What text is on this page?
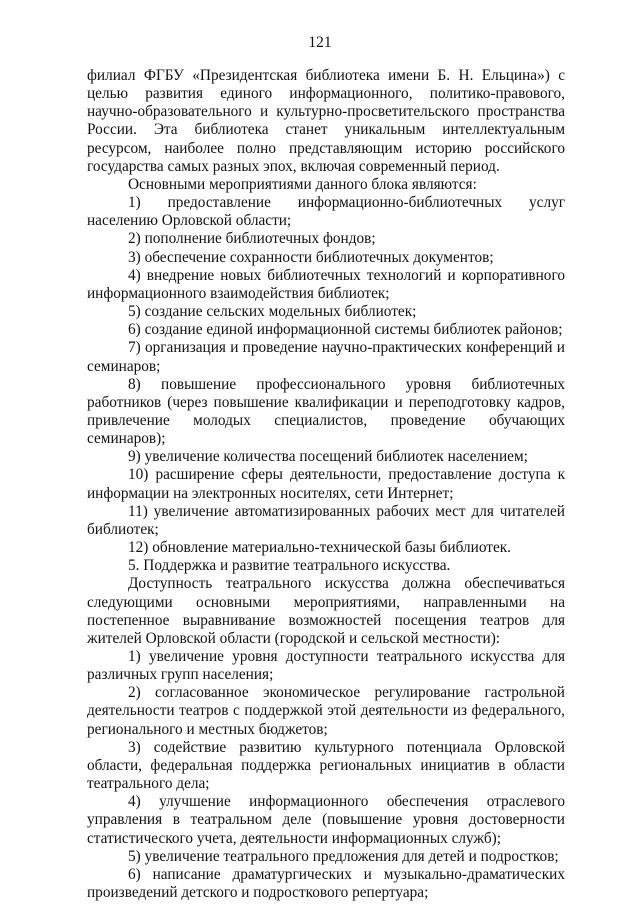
121

филиал ФГБУ «Президентская библиотека имени Б. Н. Ельцина») с целью развития единого информационного, политико-правового, научно-образовательного и культурно-просветительского пространства России. Эта библиотека станет уникальным интеллектуальным ресурсом, наиболее полно представляющим историю российского государства самых разных эпох, включая современный период.

Основными мероприятиями данного блока являются:

1) предоставление информационно-библиотечных услуг населению Орловской области;

2) пополнение библиотечных фондов;

3) обеспечение сохранности библиотечных документов;

4) внедрение новых библиотечных технологий и корпоративного информационного взаимодействия библиотек;

5) создание сельских модельных библиотек;

6) создание единой информационной системы библиотек районов;

7) организация и проведение научно-практических конференций и семинаров;

8) повышение профессионального уровня библиотечных работников (через повышение квалификации и переподготовку кадров, привлечение молодых специалистов, проведение обучающих семинаров);

9) увеличение количества посещений библиотек населением;

10) расширение сферы деятельности, предоставление доступа к информации на электронных носителях, сети Интернет;

11) увеличение автоматизированных рабочих мест для читателей библиотек;

12) обновление материально-технической базы библиотек.

5. Поддержка и развитие театрального искусства.

Доступность театрального искусства должна обеспечиваться следующими основными мероприятиями, направленными на постепенное выравнивание возможностей посещения театров для жителей Орловской области (городской и сельской местности):

1) увеличение уровня доступности театрального искусства для различных групп населения;

2) согласованное экономическое регулирование гастрольной деятельности театров с поддержкой этой деятельности из федерального, регионального и местных бюджетов;

3) содействие развитию культурного потенциала Орловской области, федеральная поддержка региональных инициатив в области театрального дела;

4) улучшение информационного обеспечения отраслевого управления в театральном деле (повышение уровня достоверности статистического учета, деятельности информационных служб);

5) увеличение театрального предложения для детей и подростков;

6) написание драматургических и музыкально-драматических произведений детского и подросткового репертуара;
